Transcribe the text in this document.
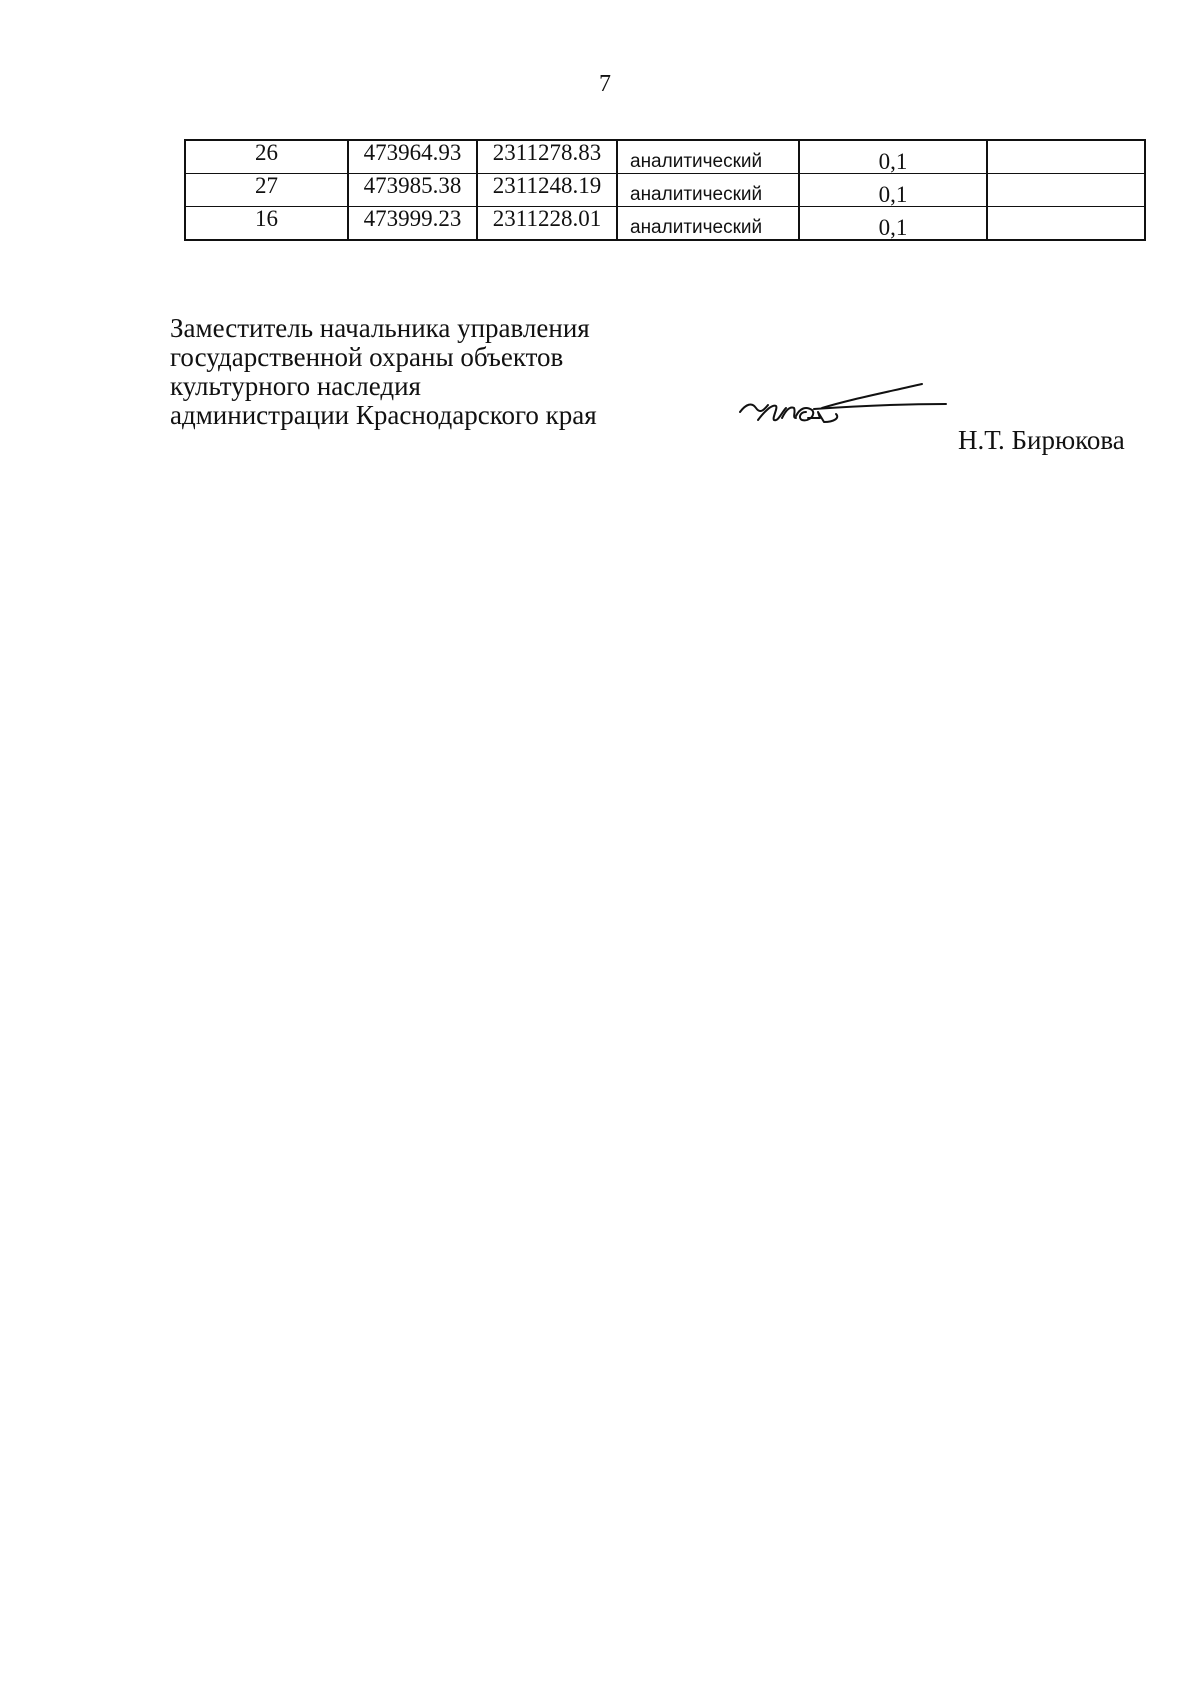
7
26	473964.93	2311278.83	аналитический	0,1	
27	473985.38	2311248.19	аналитический	0,1	
16	473999.23	2311228.01	аналитический	0,1	
Заместитель начальника управления
государственной охраны объектов
культурного наследия
администрации Краснодарского края
Н.Т. Бирюкова
